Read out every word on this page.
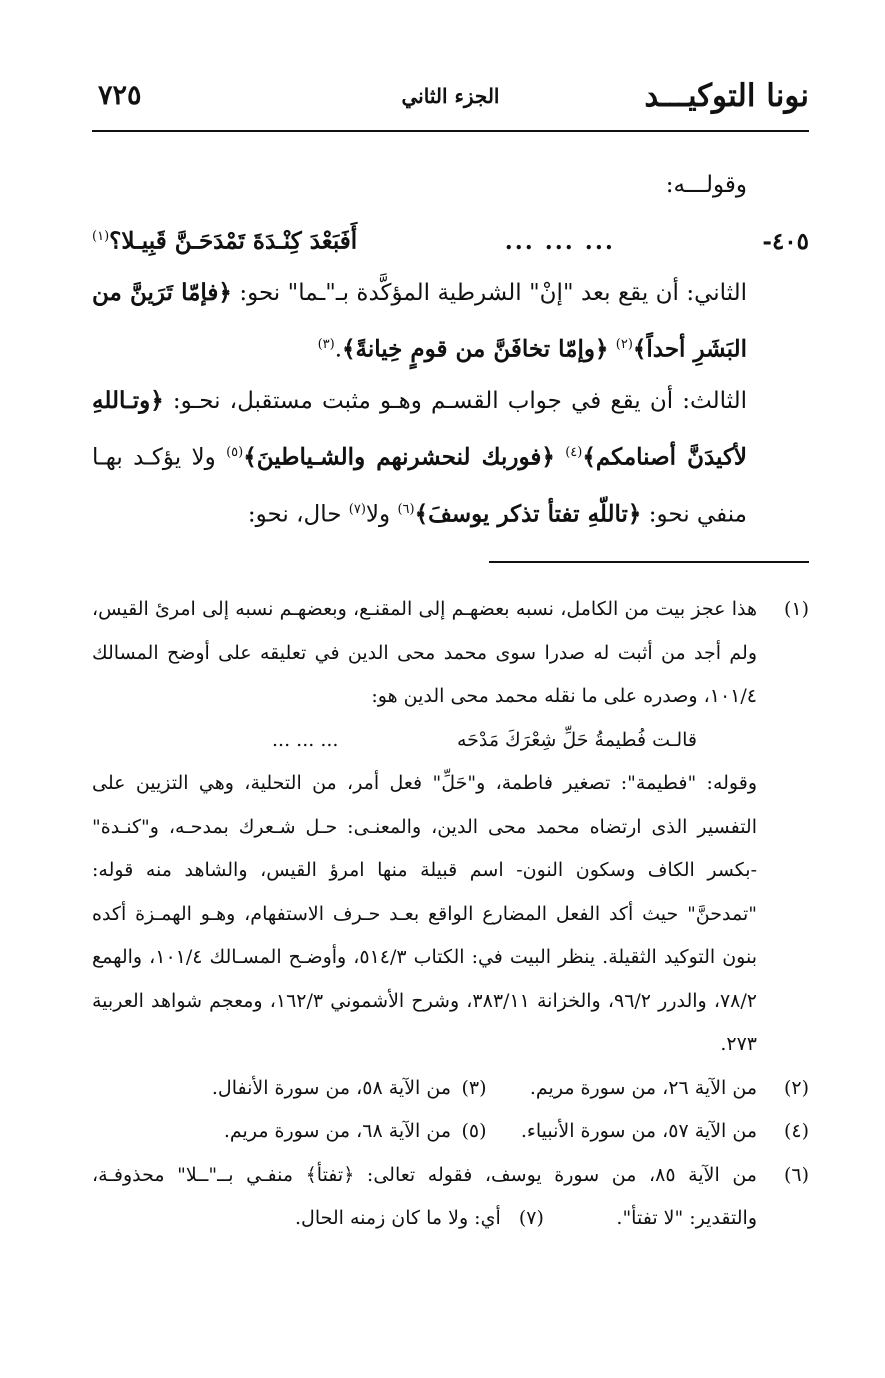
نونا التوكيـــد
الجزء الثاني
٧٢٥

وقولـــه:

٤٠٥-
... ... ...
أَفَبَعْدَ كِنْـدَةَ تَمْدَحَـنَّ قَبِيـلا؟$^{(١)}$

الثاني: أن يقع بعد "إنْ" الشرطية المؤكَّدة بـ"ـما" نحو: ﴿فإمّا تَرَينَّ من البَشَرِ أحداً﴾$^{(٢)}$ ﴿وإمّا تخافَنَّ من قومٍ خِيانةً﴾.$^{(٣)}$

الثالث: أن يقع في جواب القسـم وهـو مثبت مستقبل، نحـو: ﴿وتـاللهِ لأكيدَنَّ أصنامكم﴾$^{(٤)}$ ﴿فوربك لنحشرنهم والشـياطينَ﴾$^{(٥)}$ ولا يؤكـد بهـا منفي نحو: ﴿تاللّهِ تفتأ تذكر يوسفَ﴾$^{(٦)}$ ولا$^{(٧)}$ حال، نحو:

(١)
هذا عجز بيت من الكامل، نسبه بعضهـم إلى المقنـع، وبعضهـم نسبه إلى امرئ القيس، ولم أجد من أثبت له صدرا سوى محمد محى الدين في تعليقه على أوضح المسالك ١٠١/٤، وصدره على ما نقله محمد محى الدين هو:
قالـت فُطيمةُ حَلِّ شِعْرَكَ مَدْحَه
... ... ...
وقوله: "فطيمة": تصغير فاطمة، و"حَلِّ" فعل أمر، من التحلية، وهي التزيين على التفسير الذى ارتضاه محمد محى الدين، والمعنـى: حـل شـعرك بمدحـه، و"كنـدة" -بكسر الكاف وسكون النون- اسم قبيلة منها امرؤ القيس، والشاهد منه قوله: "تمدحنَّ" حيث أكد الفعل المضارع الواقع بعـد حـرف الاستفهام، وهـو الهمـزة أكده بنون التوكيد الثقيلة. ينظر البيت في: الكتاب ٥١٤/٣، وأوضـح المسـالك ١٠١/٤، والهمع ٧٨/٢، والدرر ٩٦/٢، والخزانة ٣٨٣/١١، وشرح الأشموني ١٦٢/٣، ومعجم شواهد العربية ٢٧٣.
(٢)
من الآية ٢٦، من سورة مريم.
(٣)
من الآية ٥٨، من سورة الأنفال.
(٤)
من الآية ٥٧، من سورة الأنبياء.
(٥)
من الآية ٦٨، من سورة مريم.
(٦)
من الآية ٨٥، من سورة يوسف، فقوله تعالى: ﴿تفتأ﴾ منفـي بــ"ــلا" محذوفـة، والتقدير: "لا تفتأ".            (٧)   أي: ولا ما كان زمنه الحال.
